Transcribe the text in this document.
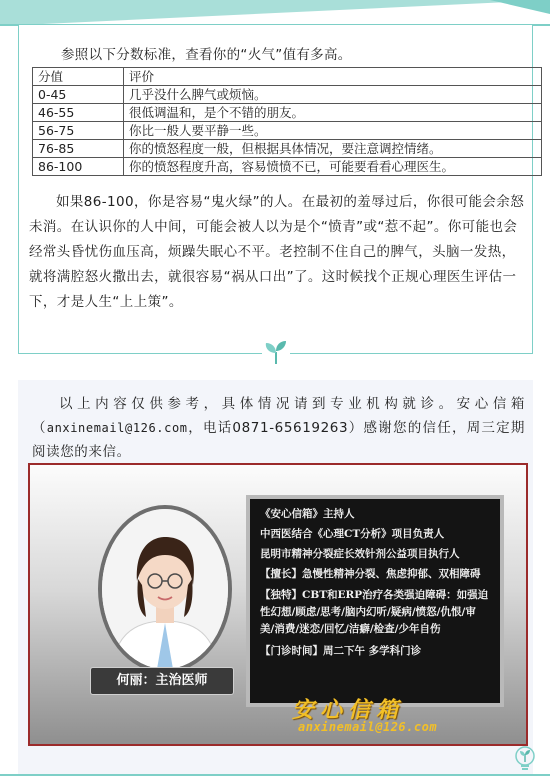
参照以下分数标准，查看你的“火气”值有多高。
分值	评价
0-45	几乎没什么脾气或烦恼。
46-55	很低调温和，是个不错的朋友。
56-75	你比一般人要平静一些。
76-85	你的愤怒程度一般，但根据具体情况，要注意调控情绪。
86-100	你的愤怒程度升高，容易愤愤不已，可能要看看心理医生。

如果86-100，你是容易“鬼火绿”的人。在最初的羞辱过后，你很可能会余怒未消。在认识你的人中间，可能会被人以为是个“愤青”或“惹不起”。你可能也会经常头昏忧伤血压高，烦躁失眠心不平。老控制不住自己的脾气，头脑一发热，就将满腔怒火撒出去，就很容易“祸从口出”了。这时候找个正规心理医生评估一下，才是人生“上上策”。

以上内容仅供参考，具体情况请到专业机构就诊。安心信箱（anxinemail@126.com，电话0871-65619263）感谢您的信任，周三定期阅读您的来信。

何丽：主治医师
《安心信箱》主持人
中西医结合《心理CT分析》项目负责人
昆明市精神分裂症长效针剂公益项目执行人
【擅长】急慢性精神分裂、焦虑抑郁、双相障碍
【独特】CBT和ERP治疗各类强迫障碍：如强迫性幻想/顾虑/思考/脑内幻听/疑病/愤怒/仇恨/审美/消费/迷恋/回忆/洁癖/检查/少年自伤
【门诊时间】周二下午 多学科门诊
安心信箱
anxinemail@126.com
